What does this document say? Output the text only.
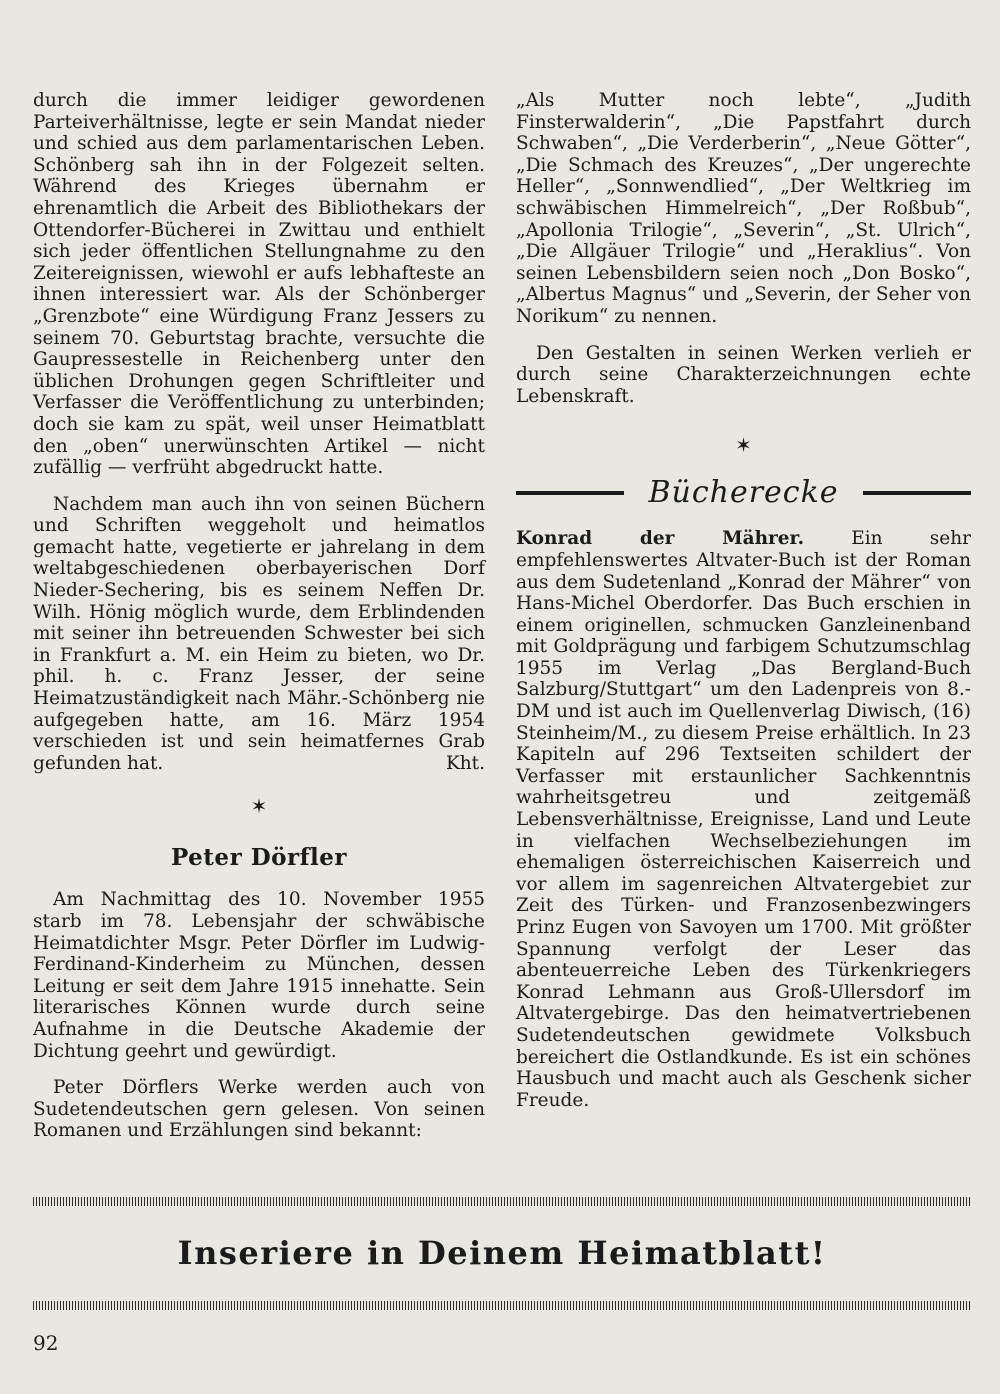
durch die immer leidiger gewordenen Parteiverhältnisse, legte er sein Mandat nieder und schied aus dem parlamentarischen Leben. Schönberg sah ihn in der Folgezeit selten. Während des Krieges übernahm er ehrenamtlich die Arbeit des Bibliothekars der Ottendorfer-Bücherei in Zwittau und enthielt sich jeder öffentlichen Stellungnahme zu den Zeitereignissen, wiewohl er aufs lebhafteste an ihnen interessiert war. Als der Schönberger „Grenzbote“ eine Würdigung Franz Jessers zu seinem 70. Geburtstag brachte, versuchte die Gaupressestelle in Reichenberg unter den üblichen Drohungen gegen Schriftleiter und Verfasser die Veröffentlichung zu unterbinden; doch sie kam zu spät, weil unser Heimatblatt den „oben“ unerwünschten Artikel — nicht zufällig — verfrüht abgedruckt hatte.

Nachdem man auch ihn von seinen Büchern und Schriften weggeholt und heimatlos gemacht hatte, vegetierte er jahrelang in dem weltabgeschiedenen oberbayerischen Dorf Nieder-Sechering, bis es seinem Neffen Dr. Wilh. Hönig möglich wurde, dem Erblindenden mit seiner ihn betreuenden Schwester bei sich in Frankfurt a. M. ein Heim zu bieten, wo Dr. phil. h. c. Franz Jesser, der seine Heimatzuständigkeit nach Mähr.-Schönberg nie aufgegeben hatte, am 16. März 1954 verschieden ist und sein heimatfernes Grab gefunden hat.	Kht.

✶
Peter Dörfler

Am Nachmittag des 10. November 1955 starb im 78. Lebensjahr der schwäbische Heimatdichter Msgr. Peter Dörfler im Ludwig-Ferdinand-Kinderheim zu München, dessen Leitung er seit dem Jahre 1915 innehatte. Sein literarisches Können wurde durch seine Aufnahme in die Deutsche Akademie der Dichtung geehrt und gewürdigt.

Peter Dörflers Werke werden auch von Sudetendeutschen gern gelesen. Von seinen Romanen und Erzählungen sind bekannt:

„Als Mutter noch lebte“, „Judith Finsterwalderin“, „Die Papstfahrt durch Schwaben“, „Die Verderberin“, „Neue Götter“, „Die Schmach des Kreuzes“, „Der ungerechte Heller“, „Sonnwendlied“, „Der Weltkrieg im schwäbischen Himmelreich“, „Der Roßbub“, „Apollonia Trilogie“, „Severin“, „St. Ulrich“, „Die Allgäuer Trilogie“ und „Heraklius“. Von seinen Lebensbildern seien noch „Don Bosko“, „Albertus Magnus“ und „Severin, der Seher von Norikum“ zu nennen.

Den Gestalten in seinen Werken verlieh er durch seine Charakterzeichnungen echte Lebenskraft.

✶
Bücherecke

Konrad der Mährer.	Ein sehr empfehlenswertes Altvater-Buch ist der Roman aus dem Sudetenland „Konrad der Mährer“ von Hans-Michel Oberdorfer. Das Buch erschien in einem originellen, schmucken Ganzleinenband mit Goldprägung und farbigem Schutzumschlag 1955 im Verlag „Das Bergland-Buch Salzburg/Stuttgart“ um den Ladenpreis von 8.- DM und ist auch im Quellenverlag Diwisch, (16) Steinheim/M., zu diesem Preise erhältlich. In 23 Kapiteln auf 296 Textseiten schildert der Verfasser mit erstaunlicher Sachkenntnis wahrheitsgetreu und zeitgemäß Lebensverhältnisse, Ereignisse, Land und Leute in vielfachen Wechselbeziehungen im ehemaligen österreichischen Kaiserreich und vor allem im sagenreichen Altvatergebiet zur Zeit des Türken- und Franzosenbezwingers Prinz Eugen von Savoyen um 1700. Mit größter Spannung verfolgt der Leser das abenteuerreiche Leben des Türkenkriegers Konrad Lehmann aus Groß-Ullersdorf im Altvatergebirge. Das den heimatvertriebenen Sudetendeutschen gewidmete Volksbuch bereichert die Ostlandkunde. Es ist ein schönes Hausbuch und macht auch als Geschenk sicher Freude.

Inseriere in Deinem Heimatblatt!
92
